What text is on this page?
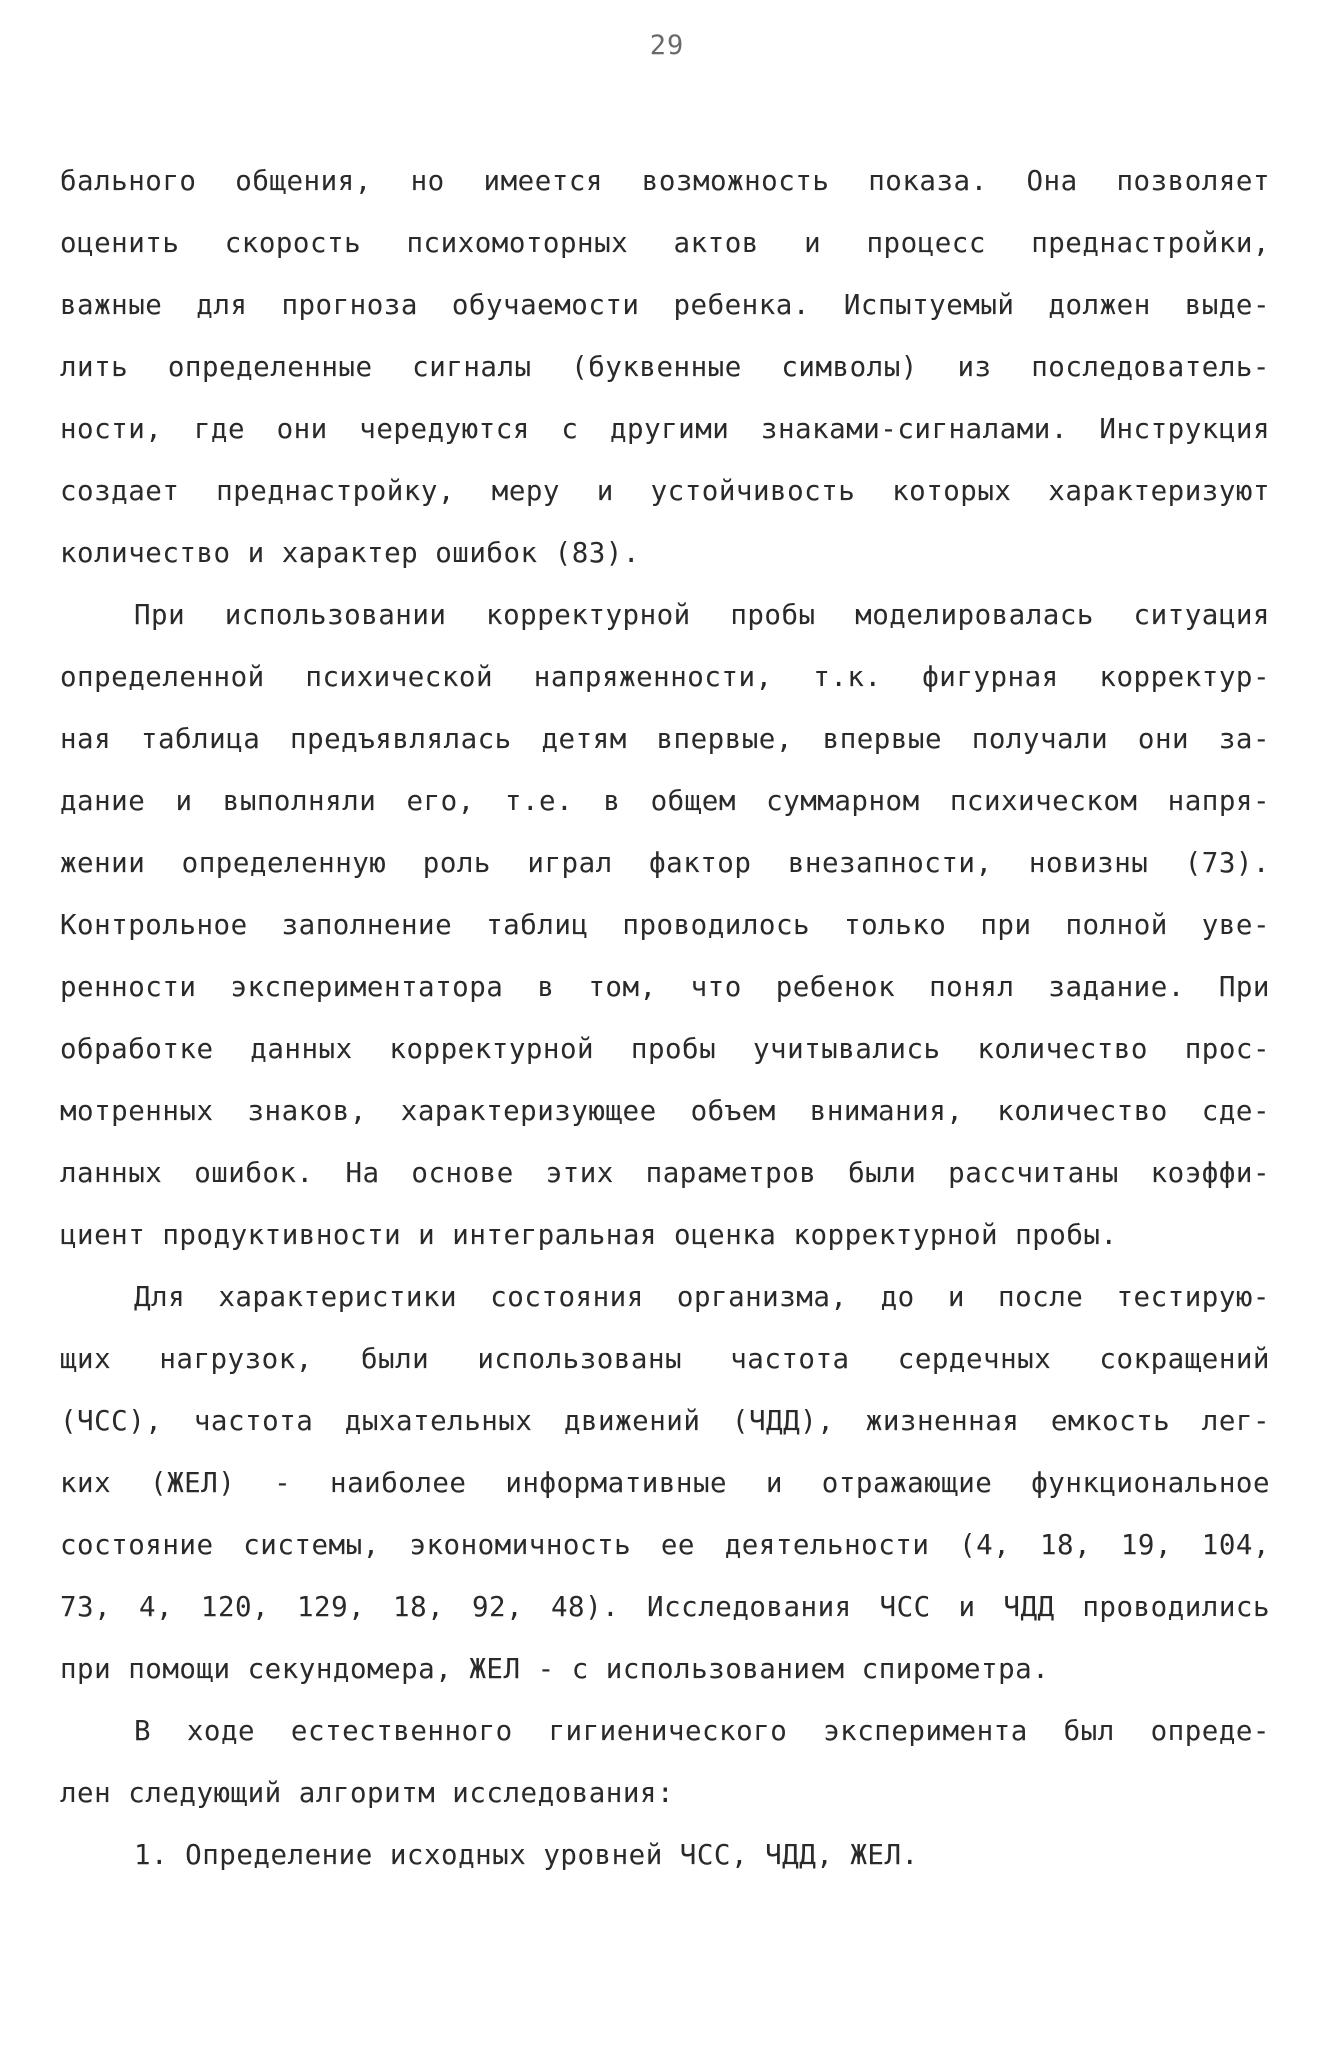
29
бального общения, но имеется возможность показа. Она позволяет
оценить скорость психомоторных актов и процесс преднастройки,
важные для прогноза обучаемости ребенка. Испытуемый должен выде-
лить определенные сигналы (буквенные символы) из последователь-
ности, где они чередуются с другими знаками-сигналами. Инструкция
создает преднастройку, меру и устойчивость которых характеризуют
количество и характер ошибок (83).
При использовании корректурной пробы моделировалась ситуация
определенной психической напряженности, т.к. фигурная корректур-
ная таблица предъявлялась детям впервые, впервые получали они за-
дание и выполняли его, т.е. в общем суммарном психическом напря-
жении определенную роль играл фактор внезапности, новизны (73).
Контрольное заполнение таблиц проводилось только при полной уве-
ренности экспериментатора в том, что ребенок понял задание. При
обработке данных корректурной пробы учитывались количество прос-
мотренных знаков, характеризующее объем внимания, количество сде-
ланных ошибок. На основе этих параметров были рассчитаны коэффи-
циент продуктивности и интегральная оценка корректурной пробы.
Для характеристики состояния организма, до и после тестирую-
щих нагрузок, были использованы частота сердечных сокращений
(ЧСС), частота дыхательных движений (ЧДД), жизненная емкость лег-
ких (ЖЕЛ) - наиболее информативные и отражающие функциональное
состояние системы, экономичность ее деятельности (4, 18, 19, 104,
73, 4, 120, 129, 18, 92, 48). Исследования ЧСС и ЧДД проводились
при помощи секундомера, ЖЕЛ - с использованием спирометра.
В ходе естественного гигиенического эксперимента был опреде-
лен следующий алгоритм исследования:
1. Определение исходных уровней ЧСС, ЧДД, ЖЕЛ.
